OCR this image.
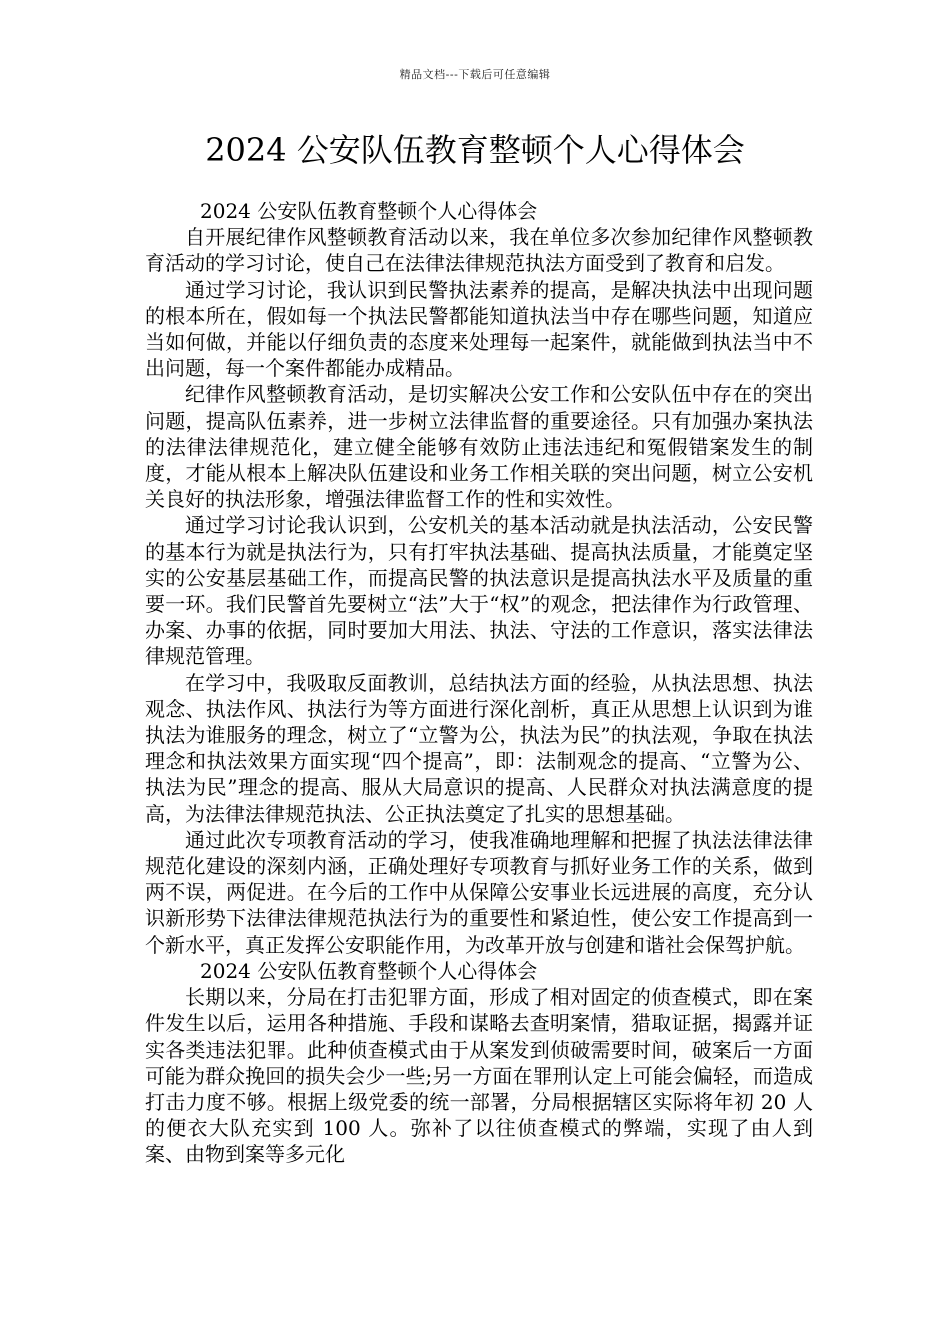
精品文档---下载后可任意编辑
2024 公安队伍教育整顿个人心得体会

2024 公安队伍教育整顿个人心得体会

自开展纪律作风整顿教育活动以来，我在单位多次参加纪律作风整顿教育活动的学习讨论，使自己在法律法律规范执法方面受到了教育和启发。

通过学习讨论，我认识到民警执法素养的提高，是解决执法中出现问题的根本所在，假如每一个执法民警都能知道执法当中存在哪些问题，知道应当如何做，并能以仔细负责的态度来处理每一起案件，就能做到执法当中不出问题，每一个案件都能办成精品。

纪律作风整顿教育活动，是切实解决公安工作和公安队伍中存在的突出问题，提高队伍素养，进一步树立法律监督的重要途径。只有加强办案执法的法律法律规范化，建立健全能够有效防止违法违纪和冤假错案发生的制度，才能从根本上解决队伍建设和业务工作相关联的突出问题，树立公安机关良好的执法形象，增强法律监督工作的性和实效性。

通过学习讨论我认识到，公安机关的基本活动就是执法活动，公安民警的基本行为就是执法行为，只有打牢执法基础、提高执法质量，才能奠定坚实的公安基层基础工作，而提高民警的执法意识是提高执法水平及质量的重要一环。我们民警首先要树立“法”大于“权”的观念，把法律作为行政管理、办案、办事的依据，同时要加大用法、执法、守法的工作意识，落实法律法律规范管理。

在学习中，我吸取反面教训，总结执法方面的经验，从执法思想、执法观念、执法作风、执法行为等方面进行深化剖析，真正从思想上认识到为谁执法为谁服务的理念，树立了“立警为公，执法为民”的执法观，争取在执法理念和执法效果方面实现“四个提高”，即：法制观念的提高、“立警为公、执法为民”理念的提高、服从大局意识的提高、人民群众对执法满意度的提高，为法律法律规范执法、公正执法奠定了扎实的思想基础。

通过此次专项教育活动的学习，使我准确地理解和把握了执法法律法律规范化建设的深刻内涵，正确处理好专项教育与抓好业务工作的关系，做到两不误，两促进。在今后的工作中从保障公安事业长远进展的高度，充分认识新形势下法律法律规范执法行为的重要性和紧迫性，使公安工作提高到一个新水平，真正发挥公安职能作用，为改革开放与创建和谐社会保驾护航。

2024 公安队伍教育整顿个人心得体会

长期以来，分局在打击犯罪方面，形成了相对固定的侦查模式，即在案件发生以后，运用各种措施、手段和谋略去查明案情，猎取证据，揭露并证实各类违法犯罪。此种侦查模式由于从案发到侦破需要时间，破案后一方面可能为群众挽回的损失会少一些;另一方面在罪刑认定上可能会偏轻，而造成打击力度不够。根据上级党委的统一部署，分局根据辖区实际将年初 20 人的便衣大队充实到 100 人。弥补了以往侦查模式的弊端，实现了由人到案、由物到案等多元化
